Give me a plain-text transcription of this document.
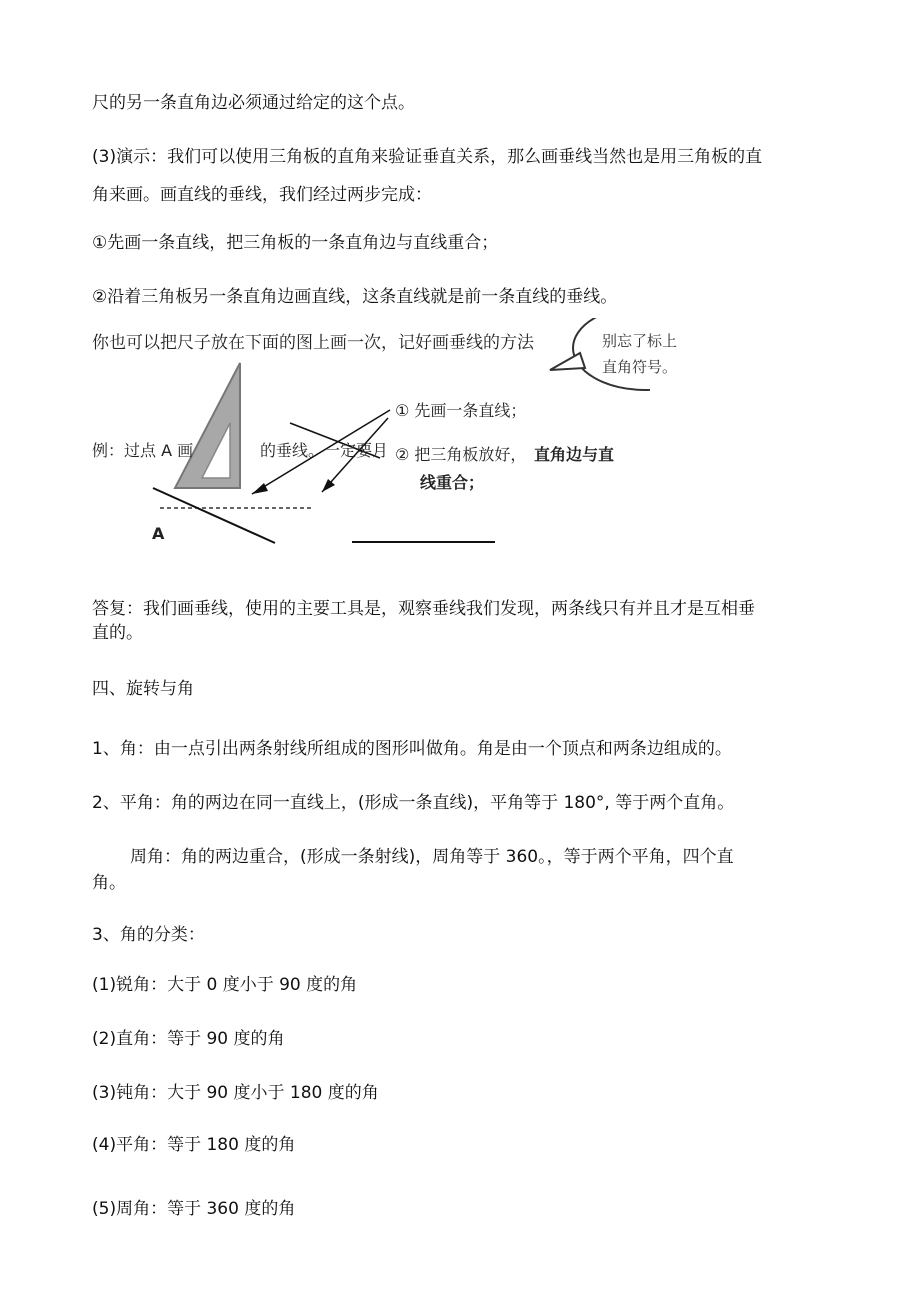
尺的另一条直角边必须通过给定的这个点。
(3)演示：我们可以使用三角板的直角来验证垂直关系，那么画垂线当然也是用三角板的直
角来画。画直线的垂线，我们经过两步完成：
①先画一条直线，把三角板的一条直角边与直线重合；
②沿着三角板另一条直角边画直线，这条直线就是前一条直线的垂线。
你也可以把尺子放在下面的图上画一次，记好画垂线的方法
例：过点 A 画	的垂线。一定要月
① 先画一条直线；
② 把三角板放好， 直角边与直
线重合；
A
别忘了标上
直角符号。
答复：我们画垂线，使用的主要工具是，观察垂线我们发现，两条线只有并且才是互相垂
直的。
四、旋转与角
1、角：由一点引出两条射线所组成的图形叫做角。角是由一个顶点和两条边组成的。
2、平角：角的两边在同一直线上，(形成一条直线)，平角等于 180°, 等于两个直角。
周角：角的两边重合，(形成一条射线)，周角等于 360。，等于两个平角，四个直
角。
3、角的分类：
(1)锐角：大于 0 度小于 90 度的角
(2)直角：等于 90 度的角
(3)钝角：大于 90 度小于 180 度的角
(4)平角：等于 180 度的角
(5)周角：等于 360 度的角
